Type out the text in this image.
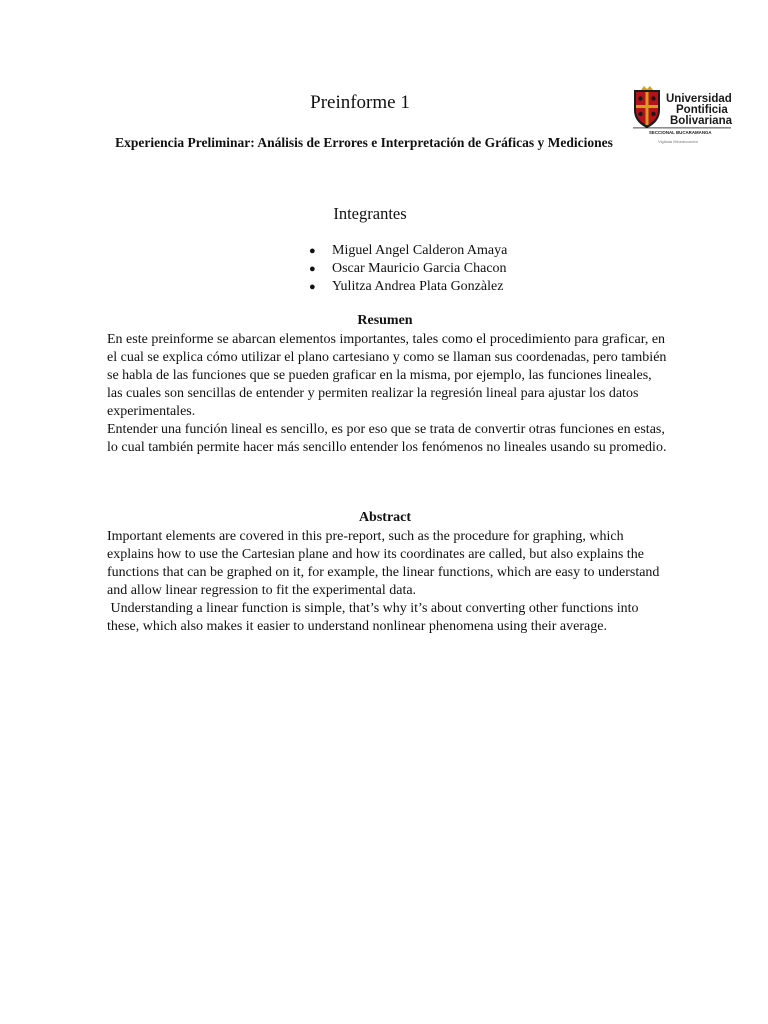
Preinforme 1
Experiencia Preliminar: Análisis de Errores e Interpretación de Gráficas y Mediciones
Universidad
Pontificia
Bolivariana
SECCIONAL BUCARAMANGA
Vigilada Mineducación
Integrantes
● Miguel Angel Calderon Amaya
● Oscar Mauricio Garcia Chacon
● Yulitza Andrea Plata Gonzàlez
Resumen

En este preinforme se abarcan elementos importantes, tales como el procedimiento para graficar, en el cual se explica cómo utilizar el plano cartesiano y como se llaman sus coordenadas, pero también se habla de las funciones que se pueden graficar en la misma, por ejemplo, las funciones lineales, las cuales son sencillas de entender y permiten realizar la regresión lineal para ajustar los datos experimentales.

Entender una función lineal es sencillo, es por eso que se trata de convertir otras funciones en estas, lo cual también permite hacer más sencillo entender los fenómenos no lineales usando su promedio.

Abstract

Important elements are covered in this pre-report, such as the procedure for graphing, which explains how to use the Cartesian plane and how its coordinates are called, but also explains the functions that can be graphed on it, for example, the linear functions, which are easy to understand and allow linear regression to fit the experimental data.

Understanding a linear function is simple, that’s why it’s about converting other functions into these, which also makes it easier to understand nonlinear phenomena using their average.
